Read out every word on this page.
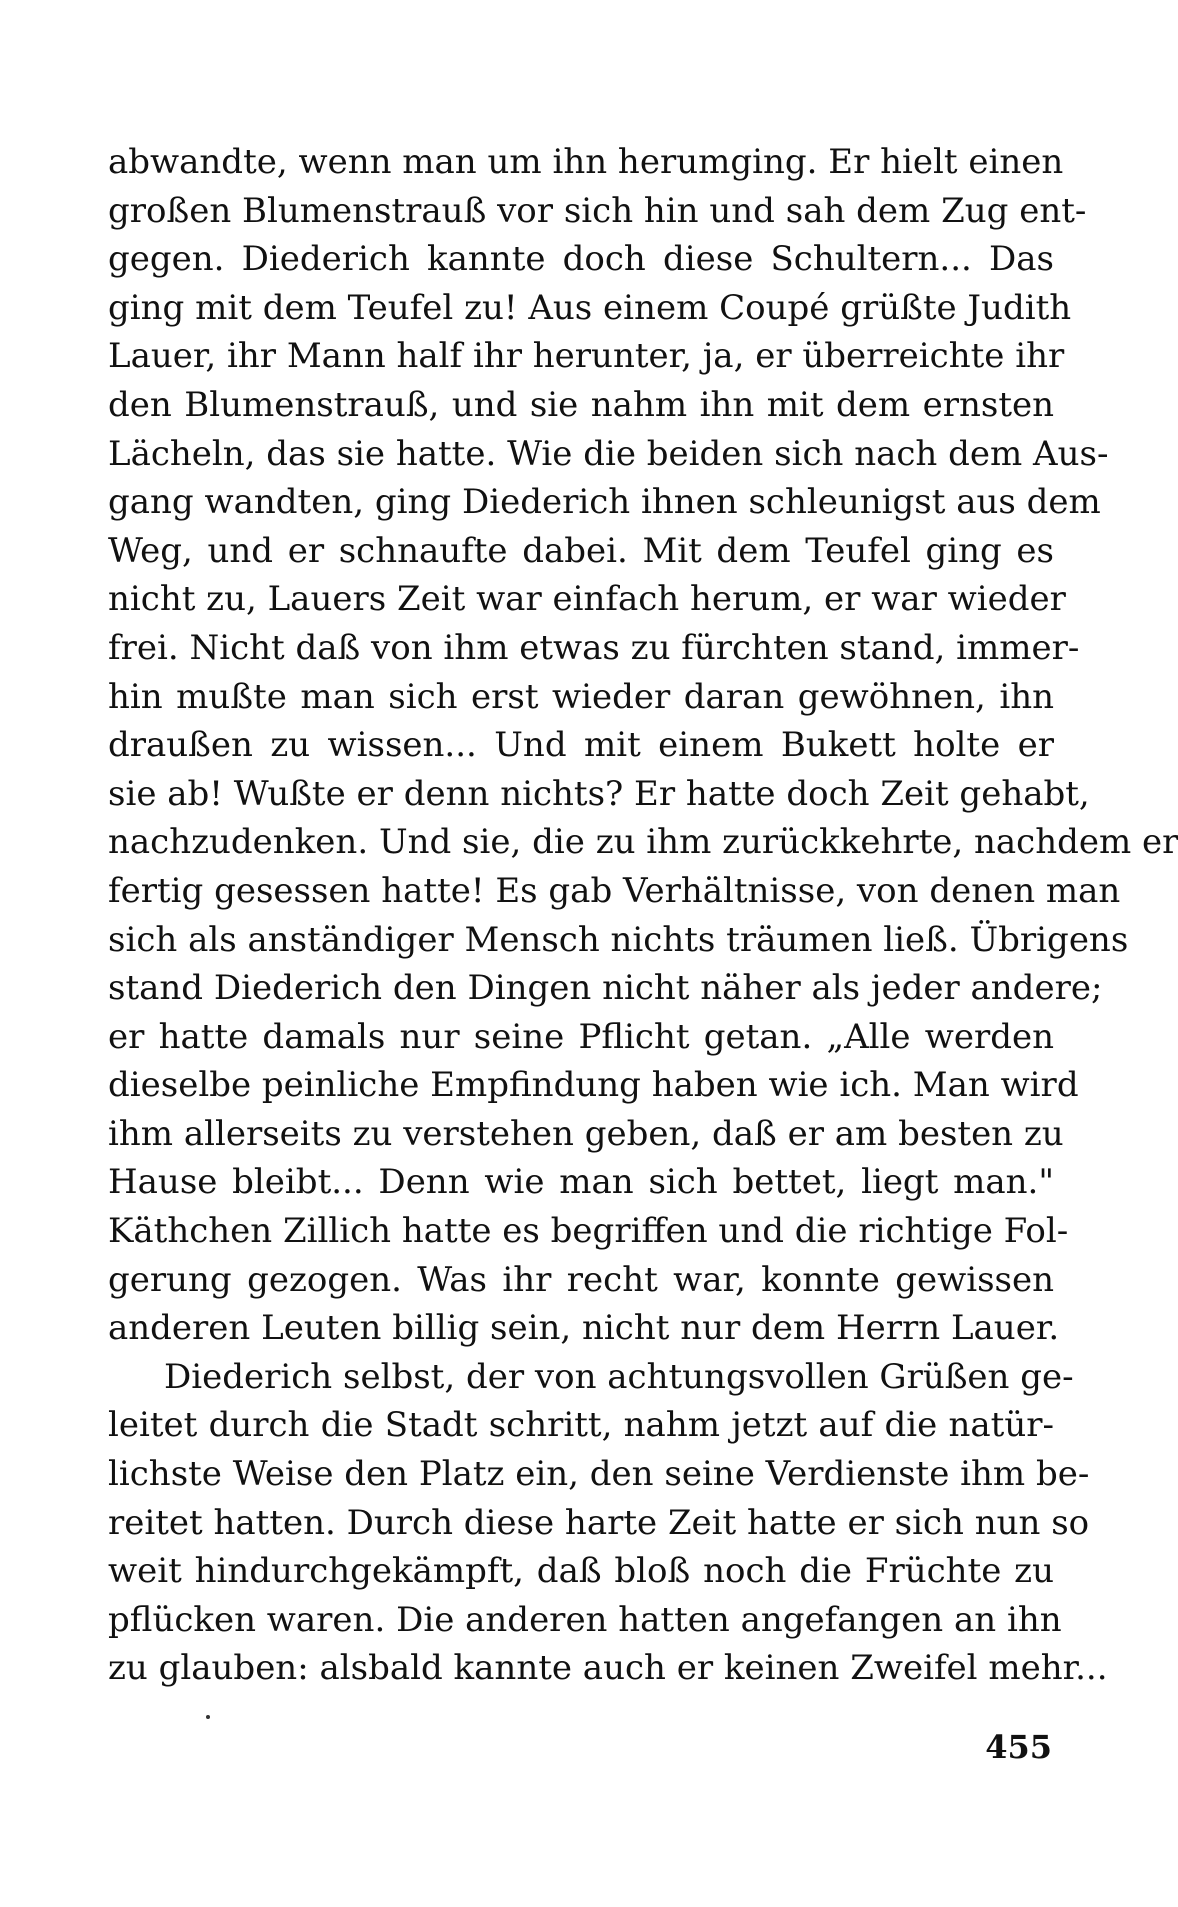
abwandte, wenn man um ihn herumging. Er hielt einen
großen Blumenstrauß vor sich hin und sah dem Zug ent-
gegen. Diederich kannte doch diese Schultern... Das
ging mit dem Teufel zu! Aus einem Coupé grüßte Judith
Lauer, ihr Mann half ihr herunter, ja, er überreichte ihr
den Blumenstrauß, und sie nahm ihn mit dem ernsten
Lächeln, das sie hatte. Wie die beiden sich nach dem Aus-
gang wandten, ging Diederich ihnen schleunigst aus dem
Weg, und er schnaufte dabei. Mit dem Teufel ging es
nicht zu, Lauers Zeit war einfach herum, er war wieder
frei. Nicht daß von ihm etwas zu fürchten stand, immer-
hin mußte man sich erst wieder daran gewöhnen, ihn
draußen zu wissen... Und mit einem Bukett holte er
sie ab! Wußte er denn nichts? Er hatte doch Zeit gehabt,
nachzudenken. Und sie, die zu ihm zurückkehrte, nachdem er
fertig gesessen hatte! Es gab Verhältnisse, von denen man
sich als anständiger Mensch nichts träumen ließ. Übrigens
stand Diederich den Dingen nicht näher als jeder andere;
er hatte damals nur seine Pflicht getan. „Alle werden
dieselbe peinliche Empfindung haben wie ich. Man wird
ihm allerseits zu verstehen geben, daß er am besten zu
Hause bleibt... Denn wie man sich bettet, liegt man."
Käthchen Zillich hatte es begriffen und die richtige Fol-
gerung gezogen. Was ihr recht war, konnte gewissen
anderen Leuten billig sein, nicht nur dem Herrn Lauer.
Diederich selbst, der von achtungsvollen Grüßen ge-
leitet durch die Stadt schritt, nahm jetzt auf die natür-
lichste Weise den Platz ein, den seine Verdienste ihm be-
reitet hatten. Durch diese harte Zeit hatte er sich nun so
weit hindurchgekämpft, daß bloß noch die Früchte zu
pflücken waren. Die anderen hatten angefangen an ihn
zu glauben: alsbald kannte auch er keinen Zweifel mehr...
455
